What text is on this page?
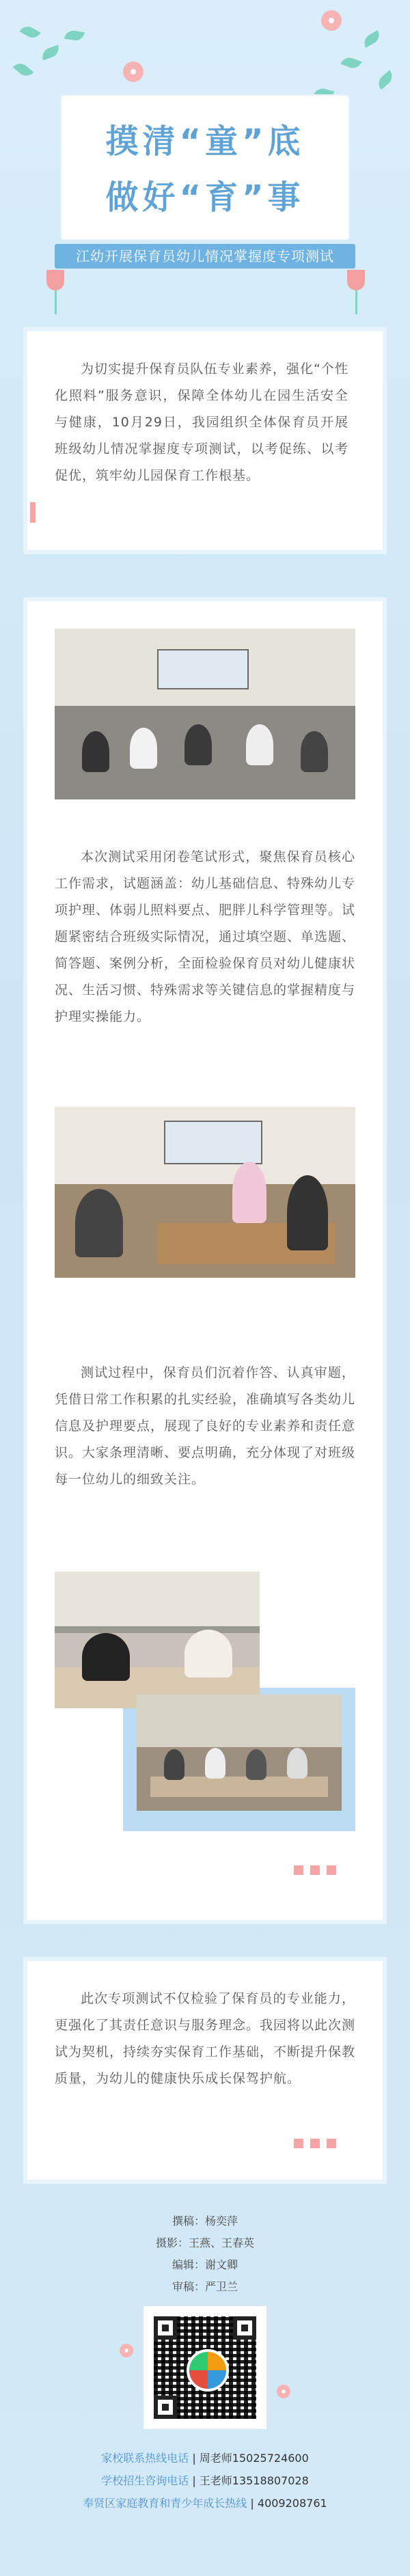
摸清“童”底
做好“育”事
江幼开展保育员幼儿情况掌握度专项测试
为切实提升保育员队伍专业素养，强化“个性化照料”服务意识，保障全体幼儿在园生活安全与健康，10月29日，我园组织全体保育员开展班级幼儿情况掌握度专项测试，以考促练、以考促优，筑牢幼儿园保育工作根基。
本次测试采用闭卷笔试形式，聚焦保育员核心工作需求，试题涵盖：幼儿基础信息、特殊幼儿专项护理、体弱儿照料要点、肥胖儿科学管理等。试题紧密结合班级实际情况，通过填空题、单选题、简答题、案例分析，全面检验保育员对幼儿健康状况、生活习惯、特殊需求等关键信息的掌握精度与护理实操能力。
测试过程中，保育员们沉着作答、认真审题，凭借日常工作积累的扎实经验，准确填写各类幼儿信息及护理要点，展现了良好的专业素养和责任意识。大家条理清晰、要点明确，充分体现了对班级每一位幼儿的细致关注。
此次专项测试不仅检验了保育员的专业能力，更强化了其责任意识与服务理念。我园将以此次测试为契机，持续夯实保育工作基础，不断提升保教质量，为幼儿的健康快乐成长保驾护航。
撰稿：杨奕萍
摄影：王燕、王春英
编辑：谢文卿
审稿：严卫兰
家校联系热线电话 | 周老师15025724600
学校招生咨询电话 | 王老师13518807028
奉贤区家庭教育和青少年成长热线 | 4009208761
